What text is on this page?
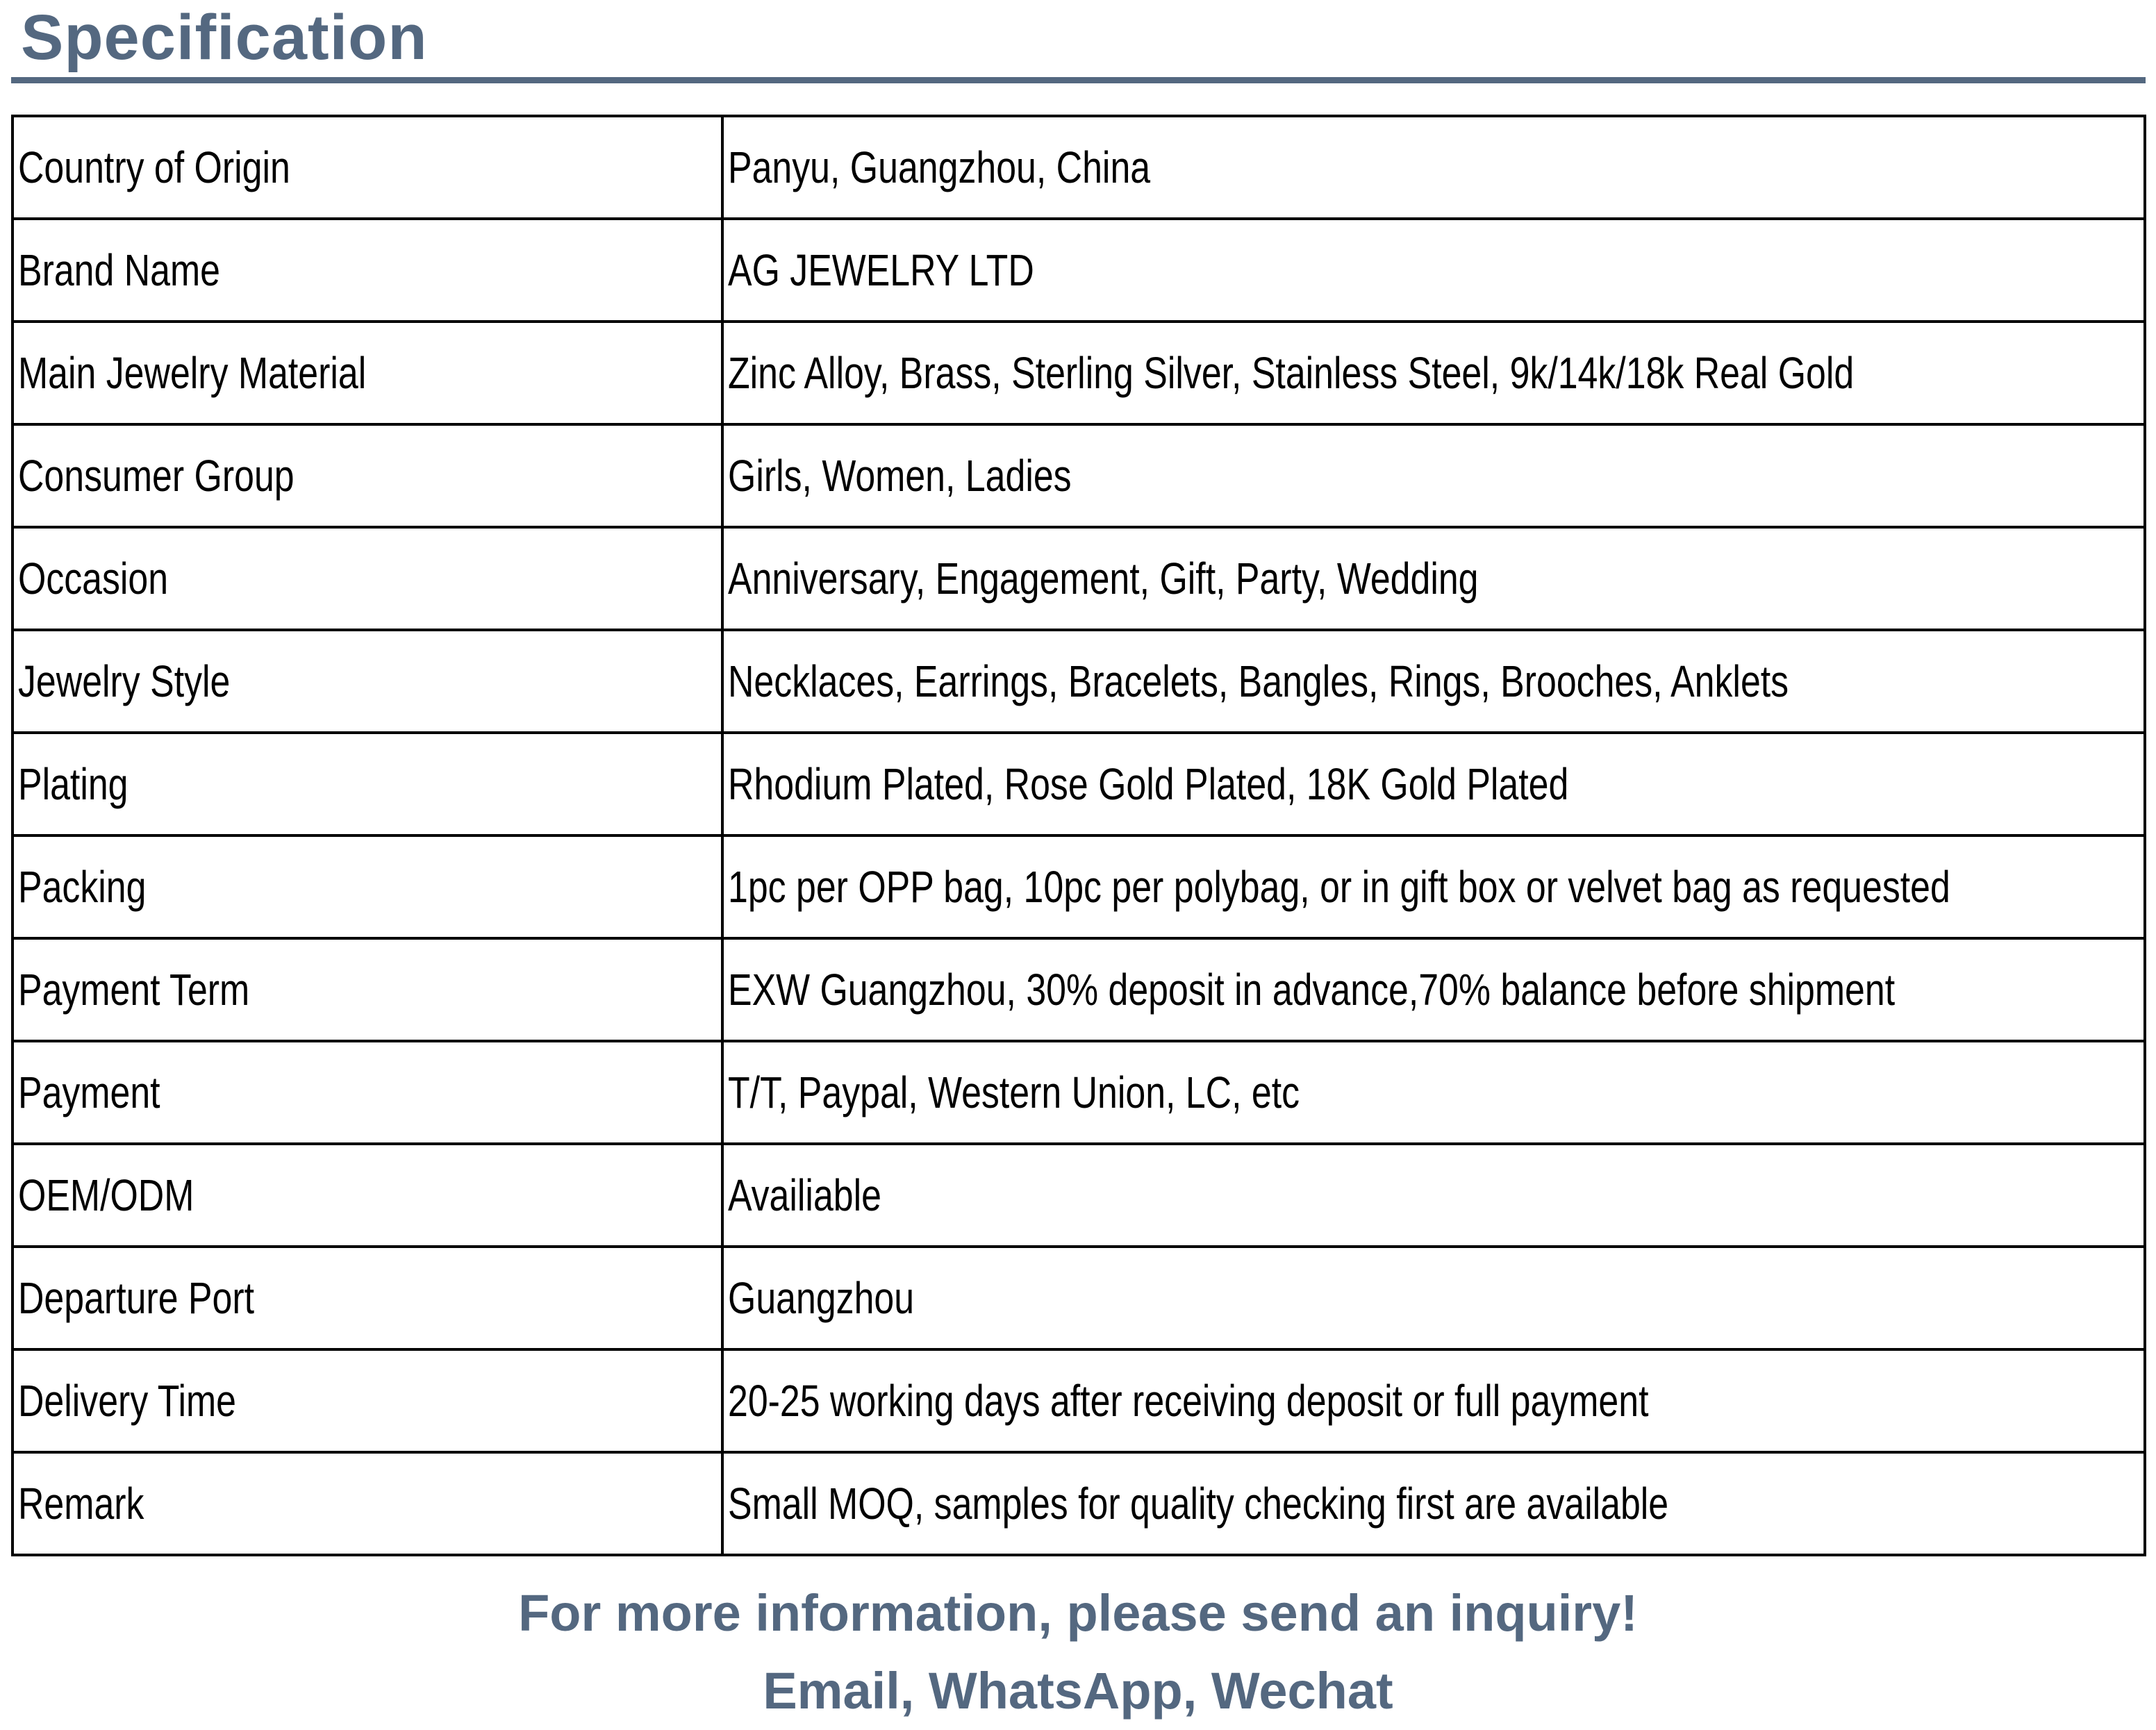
Specification
Country of Origin	Panyu, Guangzhou, China
Brand Name	AG JEWELRY LTD
Main Jewelry Material	Zinc Alloy, Brass, Sterling Silver, Stainless Steel, 9k/14k/18k Real Gold
Consumer Group	Girls, Women, Ladies
Occasion	Anniversary, Engagement, Gift, Party, Wedding
Jewelry Style	Necklaces, Earrings, Bracelets, Bangles, Rings, Brooches, Anklets
Plating	Rhodium Plated, Rose Gold Plated, 18K Gold Plated
Packing	1pc per OPP bag, 10pc per polybag, or in gift box or velvet bag as requested
Payment Term	EXW Guangzhou, 30% deposit in advance,70% balance before shipment
Payment	T/T, Paypal, Western Union, LC, etc
OEM/ODM	Availiable
Departure Port	Guangzhou
Delivery Time	20-25 working days after receiving deposit or full payment
Remark	Small MOQ, samples for quality checking first are available
For more information, please send an inquiry!
Email, WhatsApp, Wechat
